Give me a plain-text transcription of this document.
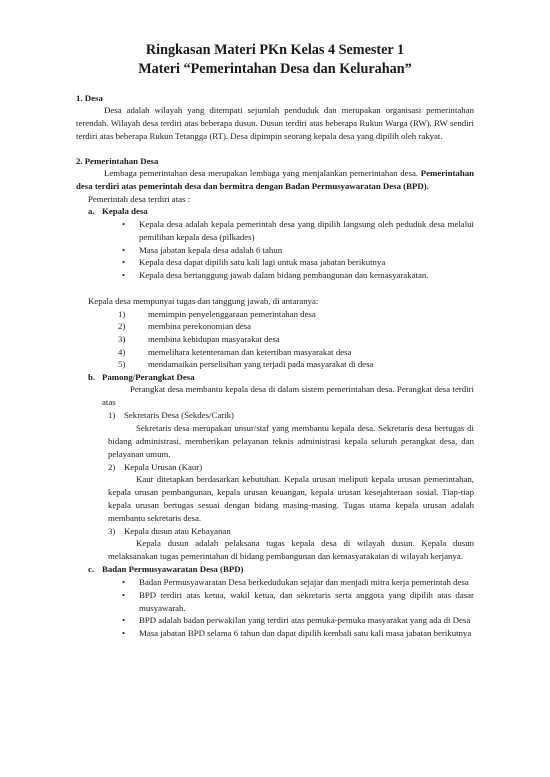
Ringkasan Materi PKn Kelas 4 Semester 1
Materi “Pemerintahan Desa dan Kelurahan”
1. Desa
Desa adalah wilayah yang ditempati sejumlah penduduk dan merupakan organisasi pemerintahan terendah. Wilayah desa terdiri atas beberapa dusun. Dusun terdiri atas beberapa Rukun Warga (RW). RW sendiri terdiri atas beberapa Rukun Tetangga (RT). Desa dipimpin seorang kepala desa yang dipilih oleh rakyat.
2. Pemerintahan Desa
Lembaga pemerintahan desa merupakan lembaga yang menjalankan pemerintahan desa. Pemerintahan desa terdiri atas pemerintah desa dan bermitra dengan Badan Permusyawaratan Desa (BPD).
Pemerintah desa terdiri atas :
a. Kepala desa
• Kepala desa adalah kepala pemerintah desa yang dipilih langsung oleh peduduk desa melalui pemilihan kepala desa (pilkades)
• Masa jabatan kepala desa adalah 6 tahun
• Kepala desa dapat dipilih satu kali lagi untuk masa jabatan berikutnya
• Kepala desa bertanggung jawab dalam bidang pembangunan dan kemasyarakatan.
Kepala desa mempunyai tugas dan tanggung jawab, di antaranya:
1)	memimpin penyelenggaraan pemerintahan desa
2)	membina perekonomian desa
3)	membina kehidupan masyarakat desa
4)	memelihara ketenteraman dan ketertiban masyarakat desa
5)	mendamaikan perselisihan yang terjadi pada masyarakat di desa
b. Pamong/Perangkat Desa
Perangkat desa membantu kepala desa di dalam sistem pemerintahan desa. Perangkat desa terdiri atas
1) Sekretaris Desa (Sekdes/Carik)
Sekretaris desa merupakan unsur/staf yang membantu kepala desa. Sekretaris desa bertugas di bidang administrasi, memberikan pelayanan teknis administrasi kepala seluruh perangkat desa, dan pelayanan umum.
2) Kepala Urusan (Kaur)
Kaur ditetapkan berdasarkan kebutuhan. Kepala urusan meliputi kepala urusan pemerintahan, kepala urusan pembangunan, kepala urusan keuangan, kepala urusan kesejahteraan sosial. Tiap-tiap kepala urusan bertugas sesuai dengan bidang masing-masing. Tugas utama kepala urusan adalah membantu sekretaris desa.
3) Kepala dusun atau Kebayanan
Kepala dusun adalah pelaksana tugas kepala desa di wilayah dusun. Kepala dusun melaksanakan tugas pemerintahan di bidang pembangunan dan kemasyarakatan di wilayah kerjanya.
c. Badan Permusyawaratan Desa (BPD)
• Badan Permusyawaratan Desa berkedudukan sejajar dan menjadi mitra kerja pemerintah desa
• BPD terdiri atas ketua, wakil ketua, dan sekretaris serta anggota yang dipilih atas dasar musyawarah.
• BPD adalah badan perwakilan yang terdiri atas pemuka-pemuka masyarakat yang ada di Desa
• Masa jabatan BPD selama 6 tahun dan dapat dipilih kembali satu kali masa jabatan berikutnya
